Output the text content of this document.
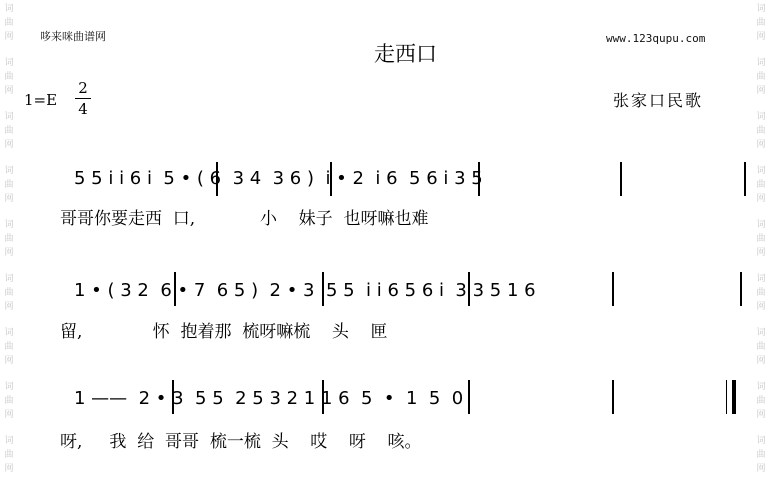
词
曲
网
词
曲
网
词
曲
网
词
曲
网
词
曲
网
词
曲
网
词
曲
网
词
曲
网
词
曲
网
词
曲
网
词
曲
网
词
曲
网
词
曲
网
词
曲
网
词
曲
网
词
曲
网
词
曲
网
词
曲
网
哆来咪曲谱网	www.123qupu.com
走西口
1=E
2
4	张家口民歌
5 5 i i 6 i  5 • ( 6  3 4  3 6 )  i • 2  i 6  5 6 i 3 5
哥哥你要走西  口,            小    妹子  也呀嘛也难
1 • ( 3 2  6 • 7  6 5 )  2 • 3  5 5  i i 6 5 6 i  3 3 5 1 6
留,             怀  抱着那  梳呀嘛梳    头    匣
1 ——  2 • 3  5 5  2 5 3 2 1 1 6  5  •  1  5  0
呀,     我  给  哥哥  梳一梳  头    哎    呀    咳。
